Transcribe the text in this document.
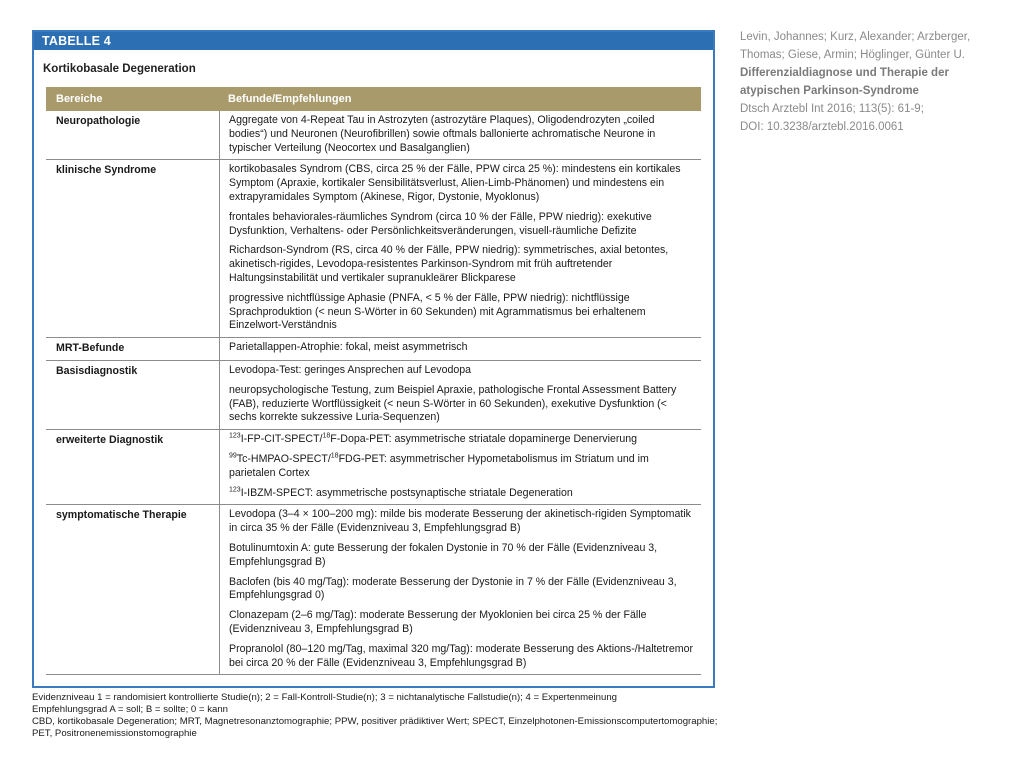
TABELLE 4
Kortikobasale Degeneration
Bereiche	Befunde/Empfehlungen
Neuropathologie	Aggregate von 4-Repeat Tau in Astrozyten (astrozytäre Plaques), Oligodendrozyten „coiled bodies“) und Neuronen (Neurofibrillen) sowie oftmals ballonierte achromatische Neurone in typischer Verteilung (Neocortex und Basalganglien)

klinische Syndrome	kortikobasales Syndrom (CBS, circa 25 % der Fälle, PPW circa 25 %): mindestens ein kortikales Symptom (Apraxie, kortikaler Sensibilitätsverlust, Alien-Limb-Phänomen) und mindestens ein extrapyramidales Symptom (Akinese, Rigor, Dystonie, Myoklonus)

frontales behaviorales-räumliches Syndrom (circa 10 % der Fälle, PPW niedrig): exekutive Dysfunktion, Verhaltens- oder Persönlichkeitsveränderungen, visuell-räumliche Defizite

Richardson-Syndrom (RS, circa 40 % der Fälle, PPW niedrig): symmetrisches, axial betontes, akinetisch-rigides, Levodopa-resistentes Parkinson-Syndrom mit früh auftretender Haltungsinstabilität und vertikaler supranukleärer Blickparese

progressive nichtflüssige Aphasie (PNFA, < 5 % der Fälle, PPW niedrig): nichtflüssige Sprachproduktion (< neun S-Wörter in 60 Sekunden) mit Agrammatismus bei erhaltenem Einzelwort-Verständnis

MRT-Befunde	Parietallappen-Atrophie: fokal, meist asymmetrisch

Basisdiagnostik	Levodopa-Test: geringes Ansprechen auf Levodopa

neuropsychologische Testung, zum Beispiel Apraxie, pathologische Frontal Assessment Battery (FAB), reduzierte Wortflüssigkeit (< neun S-Wörter in 60 Sekunden), exekutive Dysfunktion (< sechs korrekte sukzessive Luria-Sequenzen)

erweiterte Diagnostik	$^{123}$I-FP-CIT-SPECT/$^{18}$F-Dopa-PET: asymmetrische striatale dopaminerge Denervierung

$^{99}$Tc-HMPAO-SPECT/$^{18}$FDG-PET: asymmetrischer Hypometabolismus im Striatum und im parietalen Cortex

$^{123}$I-IBZM-SPECT: asymmetrische postsynaptische striatale Degeneration

symptomatische Therapie	Levodopa (3–4 × 100–200 mg): milde bis moderate Besserung der akinetisch-rigiden Symptomatik in circa 35 % der Fälle (Evidenzniveau 3, Empfehlungsgrad B)

Botulinumtoxin A: gute Besserung der fokalen Dystonie in 70 % der Fälle (Evidenzniveau 3, Empfehlungsgrad B)

Baclofen (bis 40 mg/Tag): moderate Besserung der Dystonie in 7 % der Fälle (Evidenzniveau 3, Empfehlungsgrad 0)

Clonazepam (2–6 mg/Tag): moderate Besserung der Myoklonien bei circa 25 % der Fälle (Evidenzniveau 3, Empfehlungsgrad B)

Propranolol (80–120 mg/Tag, maximal 320 mg/Tag): moderate Besserung des Aktions-/Haltetremor bei circa 20 % der Fälle (Evidenzniveau 3, Empfehlungsgrad B)

Evidenzniveau 1 = randomisiert kontrollierte Studie(n); 2 = Fall-Kontroll-Studie(n); 3 = nichtanalytische Fallstudie(n); 4 = Expertenmeinung
Empfehlungsgrad A = soll; B = sollte; 0 = kann
CBD, kortikobasale Degeneration; MRT, Magnetresonanztomographie; PPW, positiver prädiktiver Wert; SPECT, Einzelphotonen-Emissionscomputertomographie;
PET, Positronenemissionstomographie
Levin, Johannes; Kurz, Alexander; Arzberger, Thomas; Giese, Armin; Höglinger, Günter U.
Differenzialdiagnose und Therapie der atypischen Parkinson-Syndrome
Dtsch Arztebl Int 2016; 113(5): 61-9;
DOI: 10.3238/arztebl.2016.0061
